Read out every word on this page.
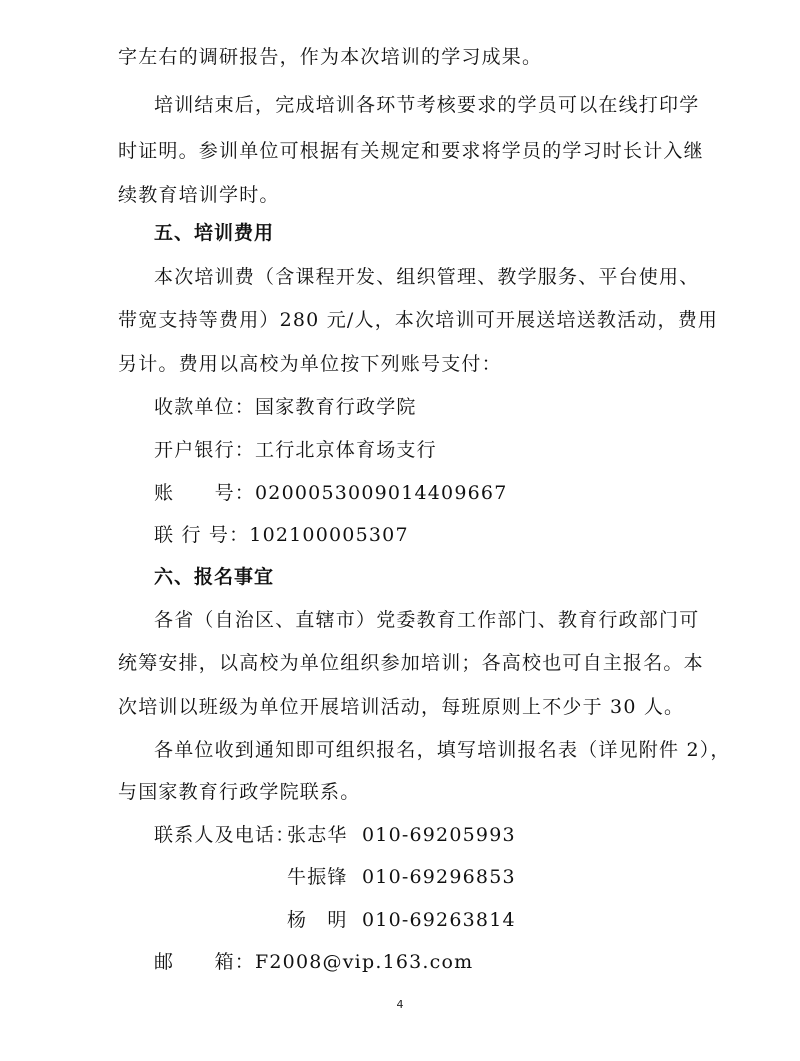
字左右的调研报告，作为本次培训的学习成果。
培训结束后，完成培训各环节考核要求的学员可以在线打印学
时证明。参训单位可根据有关规定和要求将学员的学习时长计入继
续教育培训学时。
五、培训费用
本次培训费（含课程开发、组织管理、教学服务、平台使用、
带宽支持等费用）280 元/人，本次培训可开展送培送教活动，费用
另计。费用以高校为单位按下列账号支付：
收款单位：国家教育行政学院
开户银行：工行北京体育场支行
账　　号：0200053009014409667
联 行 号：102100005307
六、报名事宜
各省（自治区、直辖市）党委教育工作部门、教育行政部门可
统筹安排，以高校为单位组织参加培训；各高校也可自主报名。本
次培训以班级为单位开展培训活动，每班原则上不少于 30 人。
各单位收到通知即可组织报名，填写培训报名表（详见附件 2），
与国家教育行政学院联系。
联系人及电话：
张志华 010-69205993
牛振锋 010-69296853
杨　明 010-69263814
邮　　箱：F2008@vip.163.com
4
